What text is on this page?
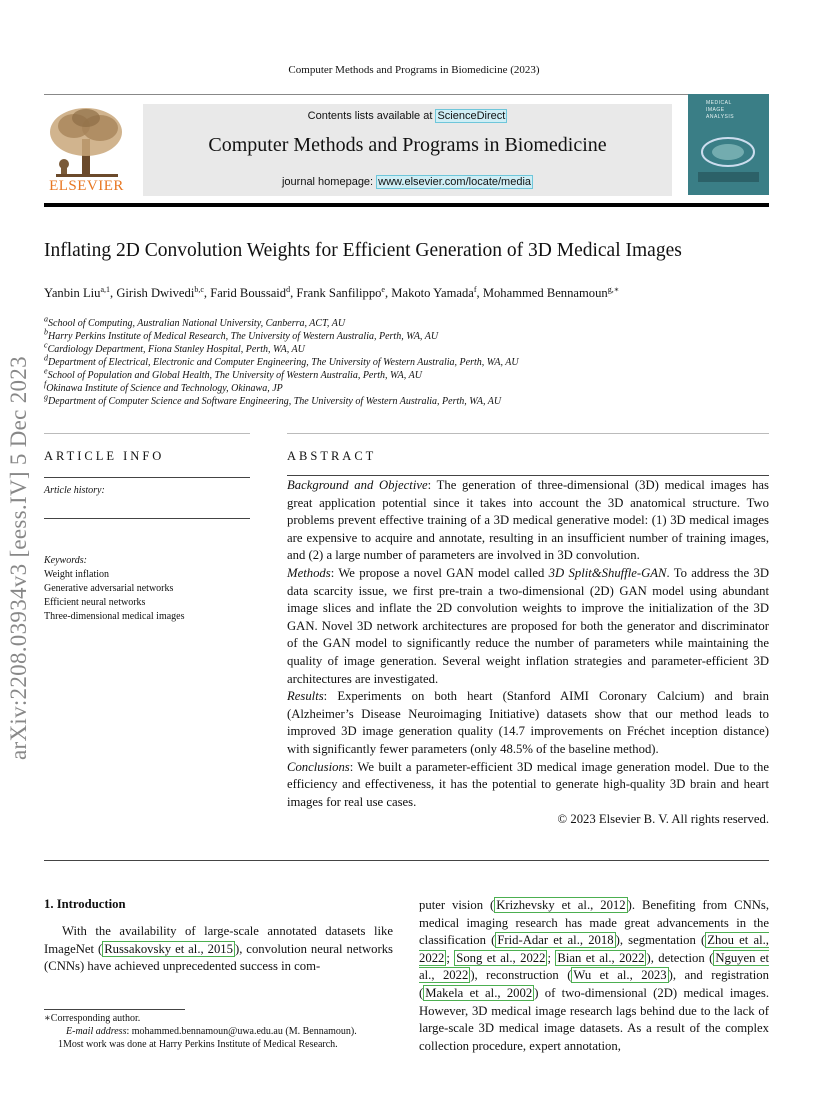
Computer Methods and Programs in Biomedicine (2023)
ELSEVIER
Contents lists available at ScienceDirect
Computer Methods and Programs in Biomedicine
journal homepage: www.elsevier.com/locate/media
MEDICAL IMAGE ANALYSIS
Inflating 2D Convolution Weights for Efficient Generation of 3D Medical Images
Yanbin Liu$^{a,1}$, Girish Dwivedi$^{b,c}$, Farid Boussaid$^d$, Frank Sanfilippo$^e$, Makoto Yamada$^f$, Mohammed Bennamoun$^{g,∗}$
$^a$School of Computing, Australian National University, Canberra, ACT, AU
$^b$Harry Perkins Institute of Medical Research, The University of Western Australia, Perth, WA, AU
$^c$Cardiology Department, Fiona Stanley Hospital, Perth, WA, AU
$^d$Department of Electrical, Electronic and Computer Engineering, The University of Western Australia, Perth, WA, AU
$^e$School of Population and Global Health, The University of Western Australia, Perth, WA, AU
$^f$Okinawa Institute of Science and Technology, Okinawa, JP
$^g$Department of Computer Science and Software Engineering, The University of Western Australia, Perth, WA, AU
arXiv:2208.03934v3 [eess.IV] 5 Dec 2023 ARTICLE INFO
Article history:
Keywords:
Weight inflation
Generative adversarial networks
Efficient neural networks
Three-dimensional medical images
ABSTRACT

Background and Objective: The generation of three-dimensional (3D) medical images has great application potential since it takes into account the 3D anatomical structure. Two problems prevent effective training of a 3D medical generative model: (1) 3D medical images are expensive to acquire and annotate, resulting in an insufficient number of training images, and (2) a large number of parameters are involved in 3D convolution.

Methods: We propose a novel GAN model called 3D Split&Shuffle-GAN. To address the 3D data scarcity issue, we first pre-train a two-dimensional (2D) GAN model using abundant image slices and inflate the 2D convolution weights to improve the initialization of the 3D GAN. Novel 3D network architectures are proposed for both the generator and discriminator of the GAN model to significantly reduce the number of parameters while maintaining the quality of image generation. Several weight inflation strategies and parameter-efficient 3D architectures are investigated.

Results: Experiments on both heart (Stanford AIMI Coronary Calcium) and brain (Alzheimer’s Disease Neuroimaging Initiative) datasets show that our method leads to improved 3D image generation quality (14.7 improvements on Fréchet inception distance) with significantly fewer parameters (only 48.5% of the baseline method).

Conclusions: We built a parameter-efficient 3D medical image generation model. Due to the efficiency and effectiveness, it has the potential to generate high-quality 3D brain and heart images for real use cases.

© 2023 Elsevier B. V. All rights reserved.
1. Introduction
With the availability of large-scale annotated datasets like ImageNet ( Russakovsky et al., 2015 ), convolution neural networks (CNNs) have achieved unprecedented success in com-
∗Corresponding author.
E-mail address: mohammed.bennamoun@uwa.edu.au (M. Bennamoun).
1Most work was done at Harry Perkins Institute of Medical Research.
puter vision ( Krizhevsky et al., 2012 ). Benefiting from CNNs, medical imaging research has made great advancements in the classification ( Frid-Adar et al., 2018 ), segmentation ( Zhou et al., 2022 ; Song et al., 2022 ; Bian et al., 2022 ), detection ( Nguyen et al., 2022 ), reconstruction ( Wu et al., 2023 ), and registration ( Makela et al., 2002 ) of two-dimensional (2D) medical images. However, 3D medical image research lags behind due to the lack of large-scale 3D medical image datasets. As a result of the complex collection procedure, expert annotation,
